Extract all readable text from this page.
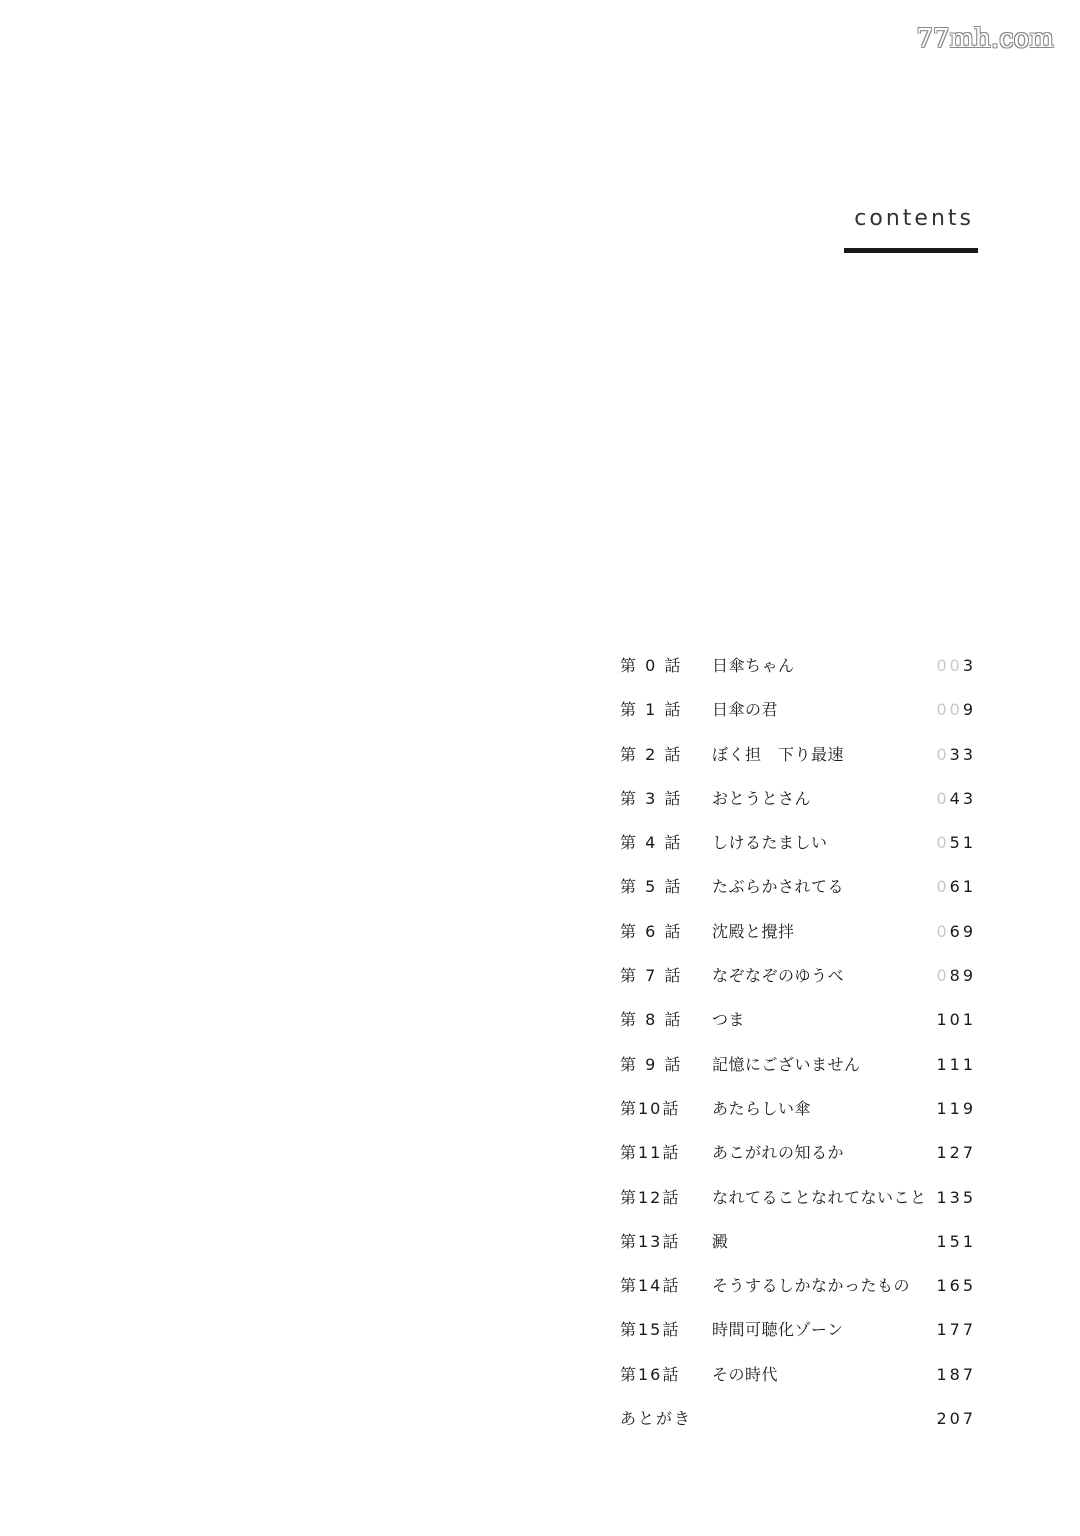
77mh.com
contents
第 0 話 日傘ちゃん	003
第 1 話 日傘の君	009
第 2 話 ぼく担　下り最速	033
第 3 話 おとうとさん	043
第 4 話 しけるたましい	051
第 5 話 たぶらかされてる	061
第 6 話 沈殿と攪拌	069
第 7 話 なぞなぞのゆうべ	089
第 8 話 つま	101
第 9 話 記憶にございません	111
第10話 あたらしい傘	119
第11話 あこがれの知るか	127
第12話 なれてることなれてないこと 135
第13話 澱	151
第14話 そうするしかなかったもの 165
第15話 時間可聴化ゾーン	177
第16話 その時代	187
あとがき	207
